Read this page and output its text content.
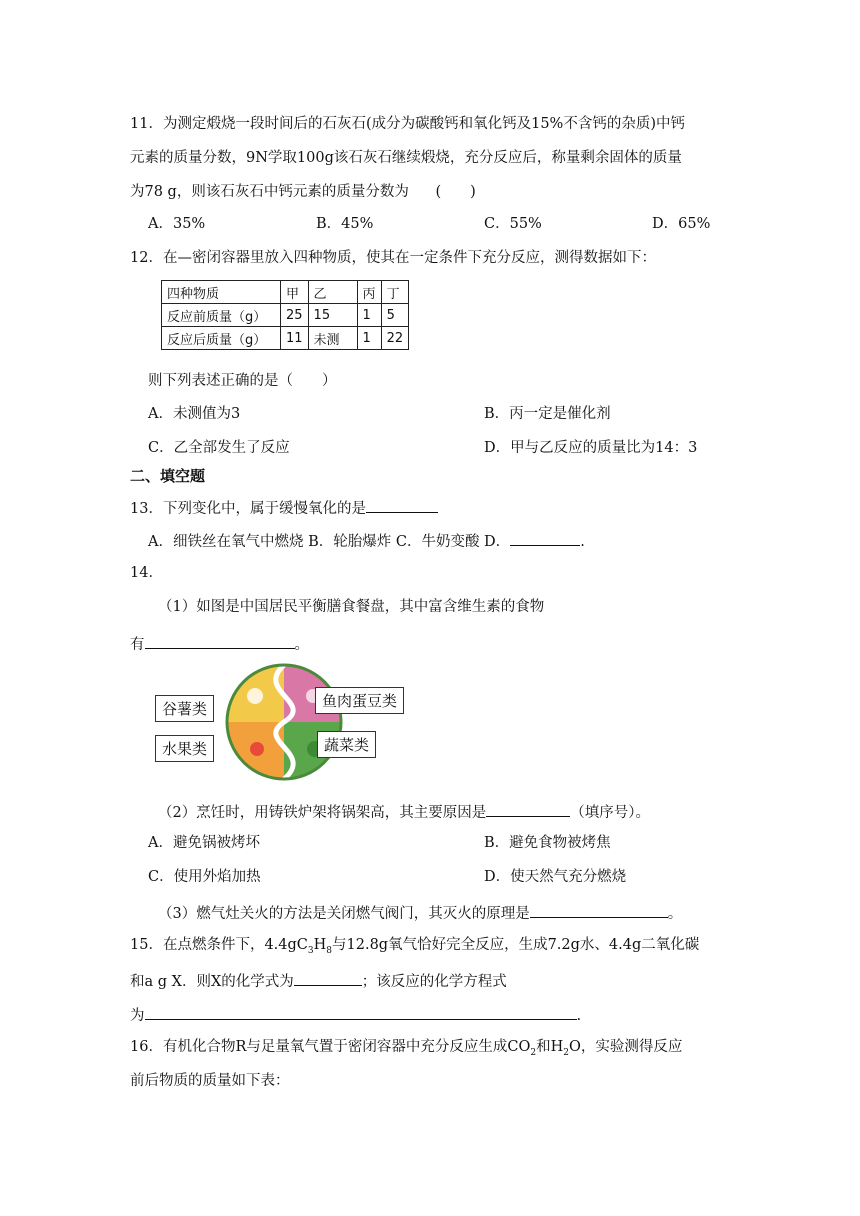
11．为测定煅烧一段时间后的石灰石(成分为碳酸钙和氧化钙及15%不含钙的杂质)中钙
元素的质量分数，9N学取100g该石灰石继续煅烧，充分反应后，称量剩余固体的质量
为78 g，则该石灰石中钙元素的质量分数为 (　　)
A．35%	B．45%	C．55%	D．65%
12．在—密闭容器里放入四种物质，使其在一定条件下充分反应，测得数据如下：
四种物质	甲	乙	丙	丁
反应前质量（g）	25	15	1	5
反应后质量（g）	11	未测	1	22
则下列表述正确的是（　　）
A．未测值为3	B．丙一定是催化剂
C．乙全部发生了反应	D．甲与乙反应的质量比为14：3
二、填空题
13．下列变化中，属于缓慢氧化的是
A．细铁丝在氧气中燃烧 B．轮胎爆炸 C．牛奶变酸 D．	.
14．
（1）如图是中国居民平衡膳食餐盘，其中富含维生素的食物
有	。
谷薯类	鱼肉蛋豆类
水果类	蔬菜类
（2）烹饪时，用铸铁炉架将锅架高，其主要原因是	（填序号）。
A．避免锅被烤坏	B．避免食物被烤焦
C．使用外焰加热	D．使天然气充分燃烧
（3）燃气灶关火的方法是关闭燃气阀门，其灭火的原理是	。
15．在点燃条件下，$4.4gC_3H_8$与12.8g氧气恰好完全反应，生成7.2g水、4.4g二氧化碳
和a g X．则X的化学式为	；该反应的化学方程式
为	.
16．有机化合物R与足量氧气置于密闭容器中充分反应生成$CO_2$和$H_2O$，实验测得反应
前后物质的质量如下表：
